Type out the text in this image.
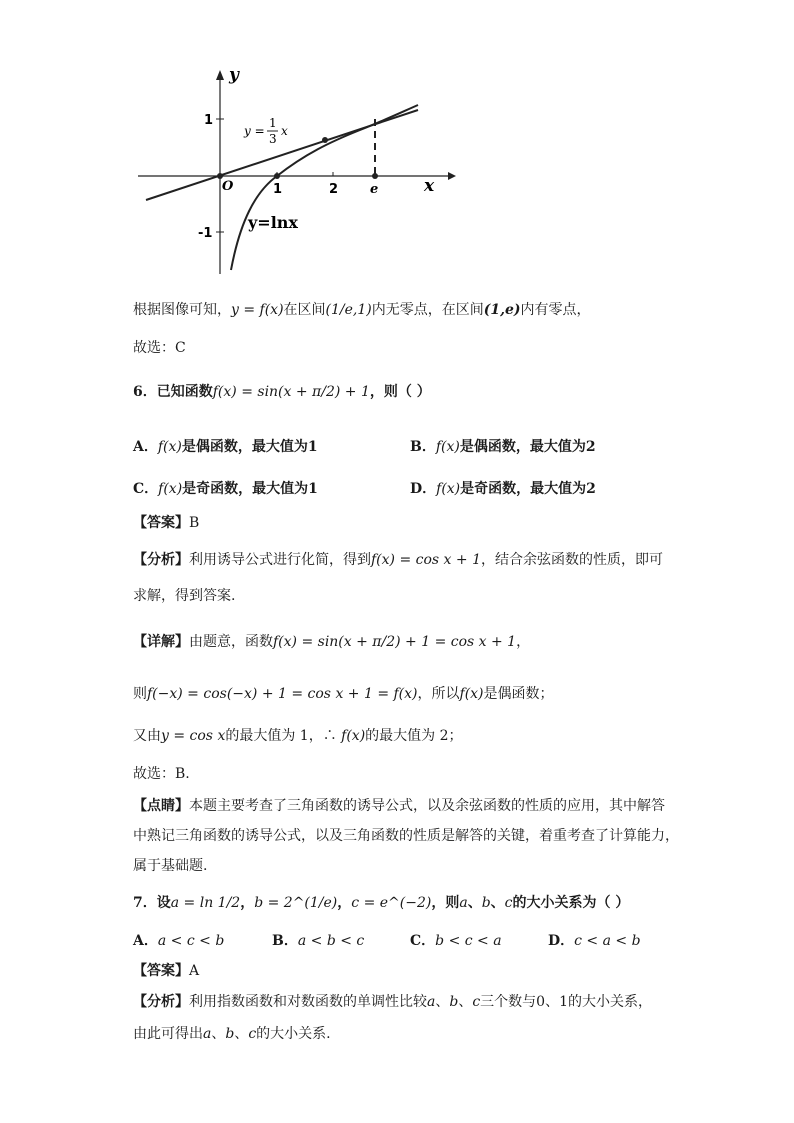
y
x
O	1	2 e
1
-1
y =
1
3
x
y=lnx
根据图像可知，y = f(x)在区间(1/e,1)内无零点，在区间(1,e)内有零点，
故选：C
6．已知函数f(x) = sin(x + π/2) + 1，则（ ）
A．f(x)是偶函数，最大值为1	B．f(x)是偶函数，最大值为2
C．f(x)是奇函数，最大值为1	D．f(x)是奇函数，最大值为2
【答案】B
【分析】利用诱导公式进行化简，得到f(x) = cos x + 1，结合余弦函数的性质，即可
求解，得到答案.
【详解】由题意，函数f(x) = sin(x + π/2) + 1 = cos x + 1，
则f(−x) = cos(−x) + 1 = cos x + 1 = f(x)，所以f(x)是偶函数；
又由y = cos x的最大值为 1，∴ f(x)的最大值为 2；
故选：B.
【点睛】本题主要考查了三角函数的诱导公式，以及余弦函数的性质的应用，其中解答
中熟记三角函数的诱导公式，以及三角函数的性质是解答的关键，着重考查了计算能力，
属于基础题.
7．设a = ln 1/2，b = 2^(1/e)，c = e^(−2)，则a、b、c的大小关系为（ ）
A．a < c < b	B．a < b < c	C．b < c < a	D．c < a < b
【答案】A
【分析】利用指数函数和对数函数的单调性比较a、b、c三个数与0、1的大小关系，
由此可得出a、b、c的大小关系.
